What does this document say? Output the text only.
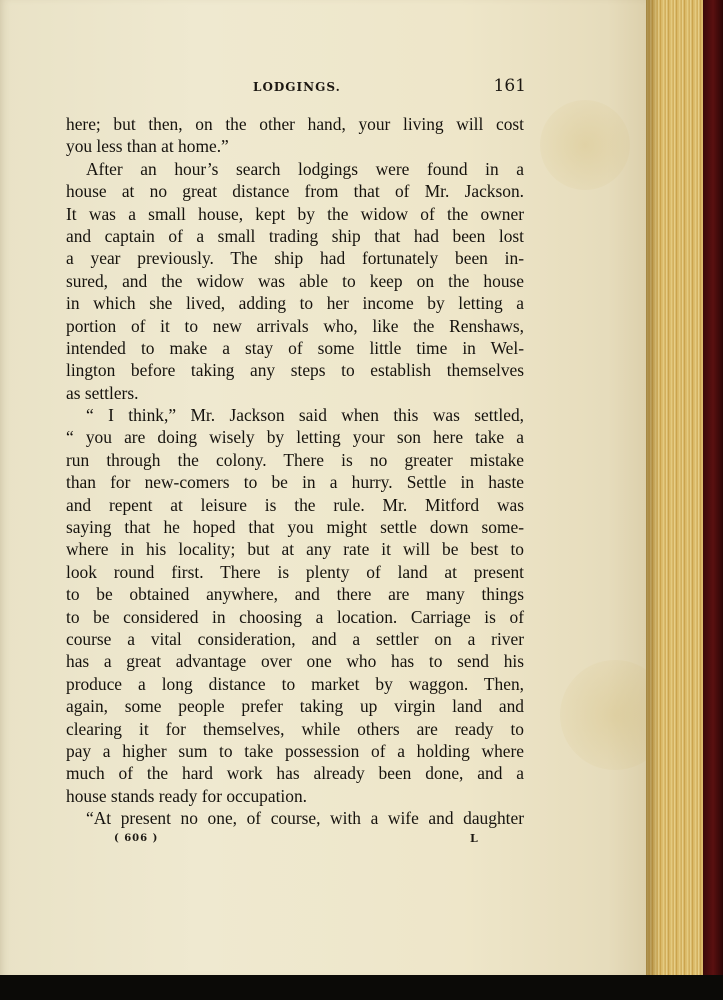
LODGINGS.	161
here; but then, on the other hand, your living will cost
you less than at home.”
After an hour’s search lodgings were found in a
house at no great distance from that of Mr. Jackson.
It was a small house, kept by the widow of the owner
and captain of a small trading ship that had been lost
a year previously. The ship had fortunately been in-
sured, and the widow was able to keep on the house
in which she lived, adding to her income by letting a
portion of it to new arrivals who, like the Renshaws,
intended to make a stay of some little time in Wel-
lington before taking any steps to establish themselves
as settlers.
“ I think,” Mr. Jackson said when this was settled,
“ you are doing wisely by letting your son here take a
run through the colony. There is no greater mistake
than for new-comers to be in a hurry. Settle in haste
and repent at leisure is the rule. Mr. Mitford was
saying that he hoped that you might settle down some-
where in his locality; but at any rate it will be best to
look round first. There is plenty of land at present
to be obtained anywhere, and there are many things
to be considered in choosing a location. Carriage is of
course a vital consideration, and a settler on a river
has a great advantage over one who has to send his
produce a long distance to market by waggon. Then,
again, some people prefer taking up virgin land and
clearing it for themselves, while others are ready to
pay a higher sum to take possession of a holding where
much of the hard work has already been done, and a
house stands ready for occupation.
“At present no one, of course, with a wife and daughter
( 606 )	L
